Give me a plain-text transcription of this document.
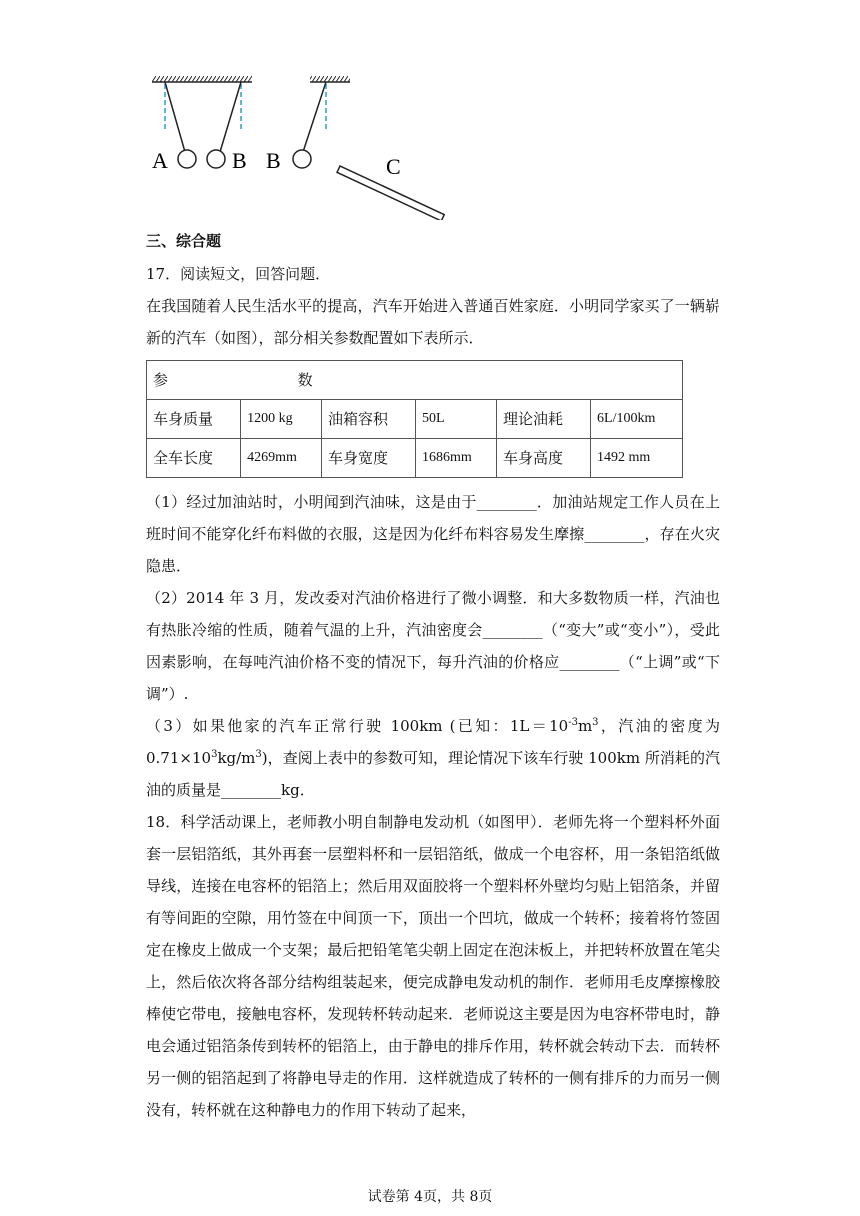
A	B B	C
三、综合题

17．阅读短文，回答问题．

在我国随着人民生活水平的提高，汽车开始进入普通百姓家庭．小明同学家买了一辆崭新的汽车（如图），部分相关参数配置如下表所示．

参 数					
车身质量	1200 kg	油箱容积	50L	理论油耗	6L/100km
全车长度	4269mm	车身宽度	1686mm	车身高度	1492 mm

（1）经过加油站时，小明闻到汽油味，这是由于________．加油站规定工作人员在上班时间不能穿化纤布料做的衣服，这是因为化纤布料容易发生摩擦________，存在火灾隐患．

（2）2014 年 3 月，发改委对汽油价格进行了微小调整．和大多数物质一样，汽油也有热胀冷缩的性质，随着气温的上升，汽油密度会________（“变大”或“变小”），受此因素影响，在每吨汽油价格不变的情况下，每升汽油的价格应________（“上调”或“下调”）.

（3）如果他家的汽车正常行驶 100km (已知：$1L=10^{-3}m^3$，汽油的密度为 $0.71\times 10^3kg/m^3$)，查阅上表中的参数可知，理论情况下该车行驶 100km 所消耗的汽油的质量是________kg．

18．科学活动课上，老师教小明自制静电发动机（如图甲）．老师先将一个塑料杯外面套一层铝箔纸，其外再套一层塑料杯和一层铝箔纸，做成一个电容杯，用一条铝箔纸做导线，连接在电容杯的铝箔上；然后用双面胶将一个塑料杯外壁均匀贴上铝箔条，并留有等间距的空隙，用竹签在中间顶一下，顶出一个凹坑，做成一个转杯；接着将竹签固定在橡皮上做成一个支架；最后把铅笔笔尖朝上固定在泡沫板上，并把转杯放置在笔尖上，然后依次将各部分结构组装起来，便完成静电发动机的制作．老师用毛皮摩擦橡胶棒使它带电，接触电容杯，发现转杯转动起来．老师说这主要是因为电容杯带电时，静电会通过铝箔条传到转杯的铝箔上，由于静电的排斥作用，转杯就会转动下去．而转杯另一侧的铝箔起到了将静电导走的作用．这样就造成了转杯的一侧有排斥的力而另一侧没有，转杯就在这种静电力的作用下转动了起来，

试卷第 4页，共 8页
